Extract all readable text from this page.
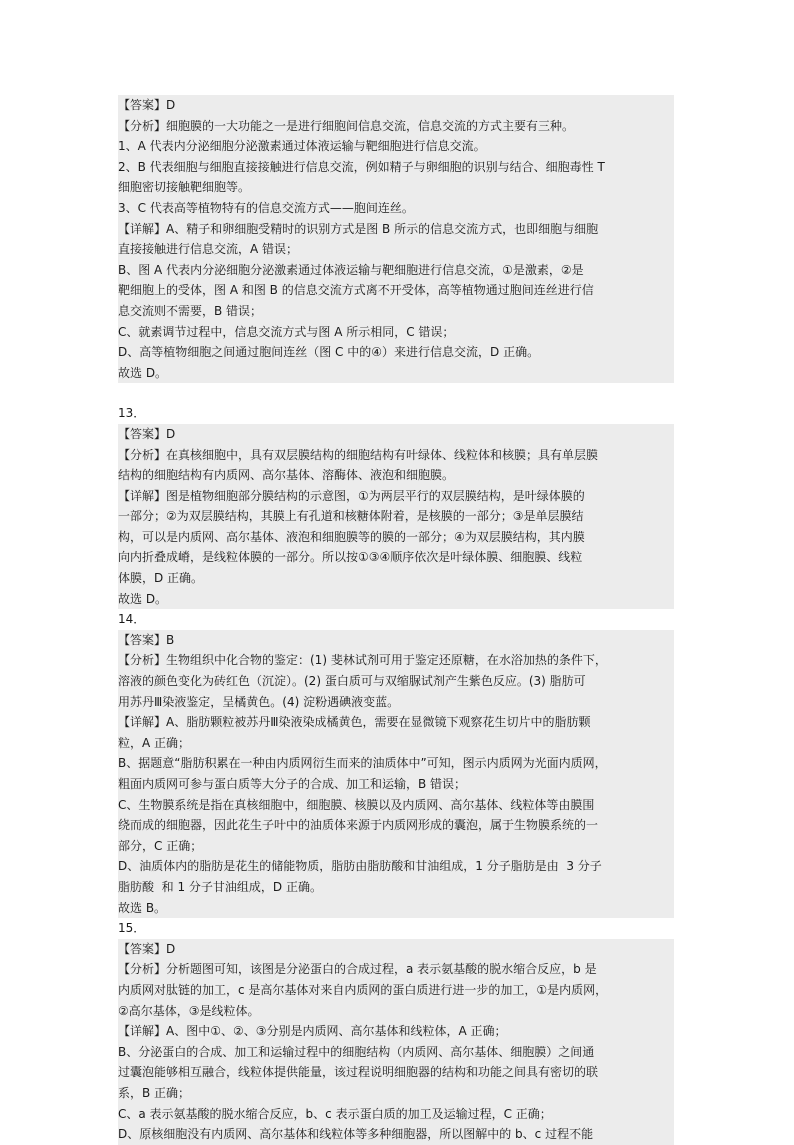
【答案】D
【分析】细胞膜的一大功能之一是进行细胞间信息交流，信息交流的方式主要有三种。
1、A 代表内分泌细胞分泌激素通过体液运输与靶细胞进行信息交流。
2、B 代表细胞与细胞直接接触进行信息交流，例如精子与卵细胞的识别与结合、细胞毒性 T
细胞密切接触靶细胞等。
3、C 代表高等植物特有的信息交流方式——胞间连丝。
【详解】A、精子和卵细胞受精时的识别方式是图 B 所示的信息交流方式，也即细胞与细胞
直接接触进行信息交流，A 错误；
B、图 A 代表内分泌细胞分泌激素通过体液运输与靶细胞进行信息交流，①是激素，②是
靶细胞上的受体，图 A 和图 B 的信息交流方式离不开受体，高等植物通过胞间连丝进行信
息交流则不需要，B 错误；
C、就素调节过程中，信息交流方式与图 A 所示相同，C 错误；
D、高等植物细胞之间通过胞间连丝（图 C 中的④）来进行信息交流，D 正确。
故选 D。
13．
【答案】D
【分析】在真核细胞中，具有双层膜结构的细胞结构有叶绿体、线粒体和核膜；具有单层膜
结构的细胞结构有内质网、高尔基体、溶酶体、液泡和细胞膜。
【详解】图是植物细胞部分膜结构的示意图，①为两层平行的双层膜结构，是叶绿体膜的
一部分；②为双层膜结构，其膜上有孔道和核糖体附着，是核膜的一部分；③是单层膜结
构，可以是内质网、高尔基体、液泡和细胞膜等的膜的一部分；④为双层膜结构，其内膜
向内折叠成嵴，是线粒体膜的一部分。所以按①③④顺序依次是叶绿体膜、细胞膜、线粒
体膜，D 正确。
故选 D。
14．
【答案】B
【分析】生物组织中化合物的鉴定：(1) 斐林试剂可用于鉴定还原糖，在水浴加热的条件下，
溶液的颜色变化为砖红色（沉淀）。(2) 蛋白质可与双缩脲试剂产生紫色反应。(3) 脂肪可
用苏丹Ⅲ染液鉴定，呈橘黄色。(4) 淀粉遇碘液变蓝。
【详解】A、脂肪颗粒被苏丹Ⅲ染液染成橘黄色，需要在显微镜下观察花生切片中的脂肪颗
粒，A 正确；
B、据题意“脂肪积累在一种由内质网衍生而来的油质体中”可知，图示内质网为光面内质网，
粗面内质网可参与蛋白质等大分子的合成、加工和运输，B 错误；
C、生物膜系统是指在真核细胞中，细胞膜、核膜以及内质网、高尔基体、线粒体等由膜围
绕而成的细胞器，因此花生子叶中的油质体来源于内质网形成的囊泡，属于生物膜系统的一
部分，C 正确；
D、油质体内的脂肪是花生的储能物质，脂肪由脂肪酸和甘油组成，1 分子脂肪是由  3 分子
脂肪酸  和 1 分子甘油组成，D 正确。
故选 B。
15．
【答案】D
【分析】分析题图可知，该图是分泌蛋白的合成过程，a 表示氨基酸的脱水缩合反应，b 是
内质网对肽链的加工，c 是高尔基体对来自内质网的蛋白质进行进一步的加工，①是内质网，
②高尔基体，③是线粒体。
【详解】A、图中①、②、③分别是内质网、高尔基体和线粒体，A 正确；
B、分泌蛋白的合成、加工和运输过程中的细胞结构（内质网、高尔基体、细胞膜）之间通
过囊泡能够相互融合，线粒体提供能量，该过程说明细胞器的结构和功能之间具有密切的联
系，B 正确；
C、a 表示氨基酸的脱水缩合反应，b、c 表示蛋白质的加工及运输过程，C 正确；
D、原核细胞没有内质网、高尔基体和线粒体等多种细胞器，所以图解中的 b、c 过程不能
